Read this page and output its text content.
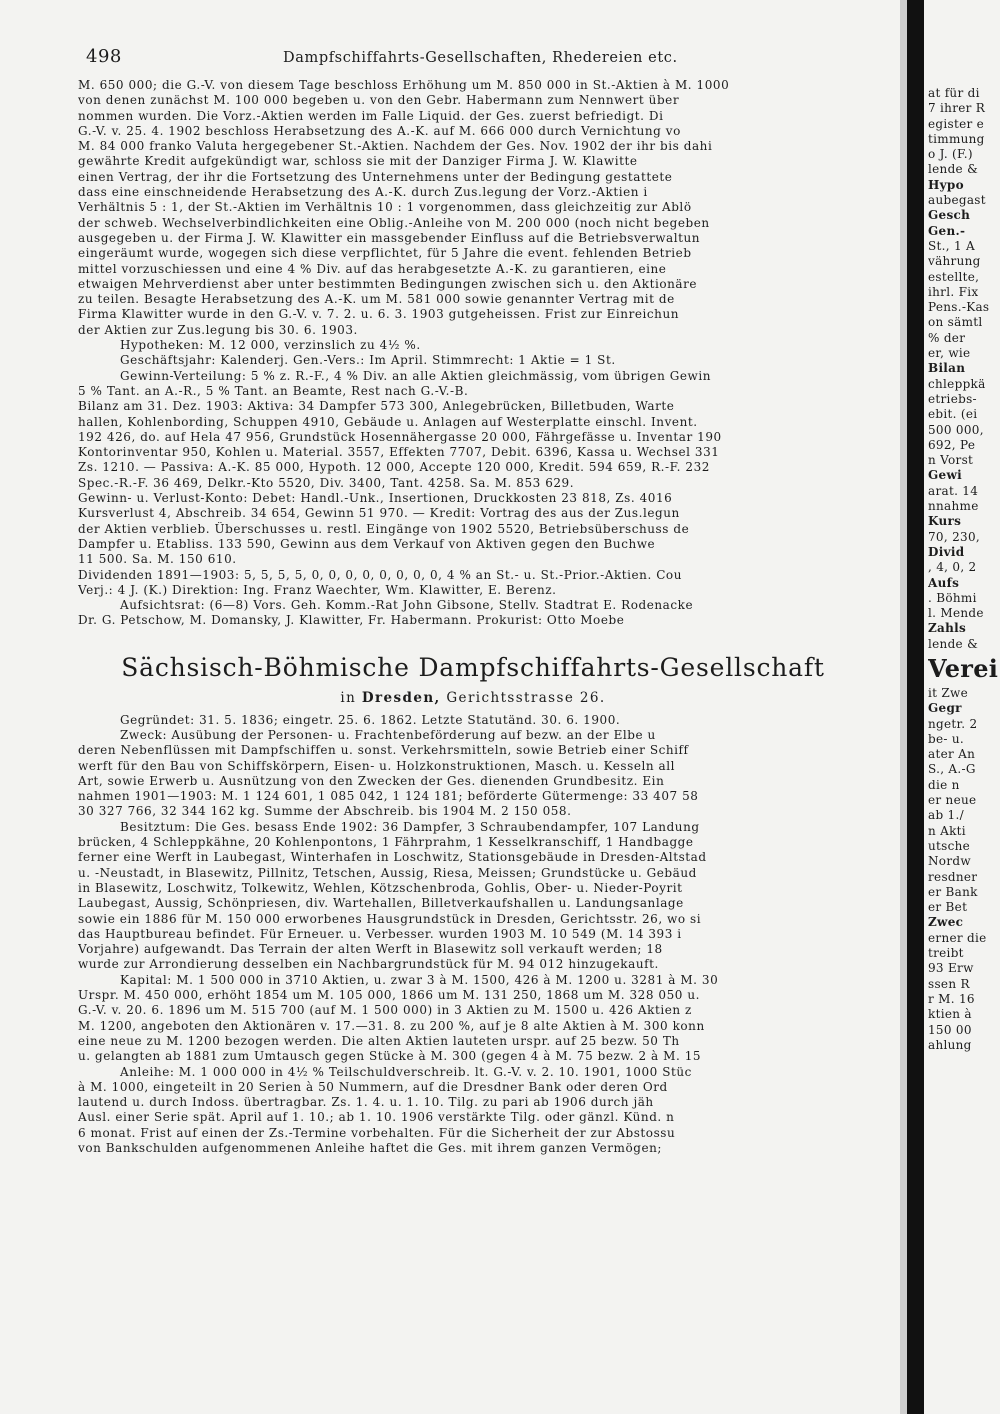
498	Dampfschiffahrts-Gesellschaften, Rhedereien etc.
M. 650 000; die G.-V. von diesem Tage beschloss Erhöhung um M. 850 000 in St.-Aktien à M. 1000
von denen zunächst M. 100 000 begeben u. von den Gebr. Habermann zum Nennwert über
nommen wurden. Die Vorz.-Aktien werden im Falle Liquid. der Ges. zuerst befriedigt. Di
G.-V. v. 25. 4. 1902 beschloss Herabsetzung des A.-K. auf M. 666 000 durch Vernichtung vo
M. 84 000 franko Valuta hergegebener St.-Aktien. Nachdem der Ges. Nov. 1902 der ihr bis dahi
gewährte Kredit aufgekündigt war, schloss sie mit der Danziger Firma J. W. Klawitte
einen Vertrag, der ihr die Fortsetzung des Unternehmens unter der Bedingung gestattete
dass eine einschneidende Herabsetzung des A.-K. durch Zus.legung der Vorz.-Aktien i
Verhältnis 5 : 1, der St.-Aktien im Verhältnis 10 : 1 vorgenommen, dass gleichzeitig zur Ablö
der schweb. Wechselverbindlichkeiten eine Oblig.-Anleihe von M. 200 000 (noch nicht begeben
ausgegeben u. der Firma J. W. Klawitter ein massgebender Einfluss auf die Betriebsverwaltun
eingeräumt wurde, wogegen sich diese verpflichtet, für 5 Jahre die event. fehlenden Betrieb
mittel vorzuschiessen und eine 4 % Div. auf das herabgesetzte A.-K. zu garantieren, eine
etwaigen Mehrverdienst aber unter bestimmten Bedingungen zwischen sich u. den Aktionäre
zu teilen. Besagte Herabsetzung des A.-K. um M. 581 000 sowie genannter Vertrag mit de
Firma Klawitter wurde in den G.-V. v. 7. 2. u. 6. 3. 1903 gutgeheissen. Frist zur Einreichun
der Aktien zur Zus.legung bis 30. 6. 1903.
Hypotheken: M. 12 000, verzinslich zu 4½ %.
Geschäftsjahr: Kalenderj. Gen.-Vers.: Im April. Stimmrecht: 1 Aktie = 1 St.
Gewinn-Verteilung: 5 % z. R.-F., 4 % Div. an alle Aktien gleichmässig, vom übrigen Gewin
5 % Tant. an A.-R., 5 % Tant. an Beamte, Rest nach G.-V.-B.
Bilanz am 31. Dez. 1903: Aktiva: 34 Dampfer 573 300, Anlegebrücken, Billetbuden, Warte
hallen, Kohlenbording, Schuppen 4910, Gebäude u. Anlagen auf Westerplatte einschl. Invent.
192 426, do. auf Hela 47 956, Grundstück Hosennähergasse 20 000, Fährgefässe u. Inventar 190
Kontorinventar 950, Kohlen u. Material. 3557, Effekten 7707, Debit. 6396, Kassa u. Wechsel 331
Zs. 1210. — Passiva: A.-K. 85 000, Hypoth. 12 000, Accepte 120 000, Kredit. 594 659, R.-F. 232
Spec.-R.-F. 36 469, Delkr.-Kto 5520, Div. 3400, Tant. 4258. Sa. M. 853 629.
Gewinn- u. Verlust-Konto: Debet: Handl.-Unk., Insertionen, Druckkosten 23 818, Zs. 4016
Kursverlust 4, Abschreib. 34 654, Gewinn 51 970. — Kredit: Vortrag des aus der Zus.legun
der Aktien verblieb. Überschusses u. restl. Eingänge von 1902 5520, Betriebsüberschuss de
Dampfer u. Etabliss. 133 590, Gewinn aus dem Verkauf von Aktiven gegen den Buchwe
11 500. Sa. M. 150 610.
Dividenden 1891—1903: 5, 5, 5, 5, 0, 0, 0, 0, 0, 0, 0, 0, 4 % an St.- u. St.-Prior.-Aktien. Cou
Verj.: 4 J. (K.) Direktion: Ing. Franz Waechter, Wm. Klawitter, E. Berenz.
Aufsichtsrat: (6—8) Vors. Geh. Komm.-Rat John Gibsone, Stellv. Stadtrat E. Rodenacke
Dr. G. Petschow, M. Domansky, J. Klawitter, Fr. Habermann. Prokurist: Otto Moebe
Sächsisch-Böhmische Dampfschiffahrts-Gesellschaft
in Dresden, Gerichtsstrasse 26.
Gegründet: 31. 5. 1836; eingetr. 25. 6. 1862. Letzte Statutänd. 30. 6. 1900.
Zweck: Ausübung der Personen- u. Frachtenbeförderung auf bezw. an der Elbe u
deren Nebenflüssen mit Dampfschiffen u. sonst. Verkehrsmitteln, sowie Betrieb einer Schiff
werft für den Bau von Schiffskörpern, Eisen- u. Holzkonstruktionen, Masch. u. Kesseln all
Art, sowie Erwerb u. Ausnützung von den Zwecken der Ges. dienenden Grundbesitz. Ein
nahmen 1901—1903: M. 1 124 601, 1 085 042, 1 124 181; beförderte Gütermenge: 33 407 58
30 327 766, 32 344 162 kg. Summe der Abschreib. bis 1904 M. 2 150 058.
Besitztum: Die Ges. besass Ende 1902: 36 Dampfer, 3 Schraubendampfer, 107 Landung
brücken, 4 Schleppkähne, 20 Kohlenpontons, 1 Fährprahm, 1 Kesselkranschiff, 1 Handbagge
ferner eine Werft in Laubegast, Winterhafen in Loschwitz, Stationsgebäude in Dresden-Altstad
u. -Neustadt, in Blasewitz, Pillnitz, Tetschen, Aussig, Riesa, Meissen; Grundstücke u. Gebäud
in Blasewitz, Loschwitz, Tolkewitz, Wehlen, Kötzschenbroda, Gohlis, Ober- u. Nieder-Poyrit
Laubegast, Aussig, Schönpriesen, div. Wartehallen, Billetverkaufshallen u. Landungsanlage
sowie ein 1886 für M. 150 000 erworbenes Hausgrundstück in Dresden, Gerichtsstr. 26, wo si
das Hauptbureau befindet. Für Erneuer. u. Verbesser. wurden 1903 M. 10 549 (M. 14 393 i
Vorjahre) aufgewandt. Das Terrain der alten Werft in Blasewitz soll verkauft werden; 18
wurde zur Arrondierung desselben ein Nachbargrundstück für M. 94 012 hinzugekauft.
Kapital: M. 1 500 000 in 3710 Aktien, u. zwar 3 à M. 1500, 426 à M. 1200 u. 3281 à M. 30
Urspr. M. 450 000, erhöht 1854 um M. 105 000, 1866 um M. 131 250, 1868 um M. 328 050 u.
G.-V. v. 20. 6. 1896 um M. 515 700 (auf M. 1 500 000) in 3 Aktien zu M. 1500 u. 426 Aktien z
M. 1200, angeboten den Aktionären v. 17.—31. 8. zu 200 %, auf je 8 alte Aktien à M. 300 konn
eine neue zu M. 1200 bezogen werden. Die alten Aktien lauteten urspr. auf 25 bezw. 50 Th
u. gelangten ab 1881 zum Umtausch gegen Stücke à M. 300 (gegen 4 à M. 75 bezw. 2 à M. 15
Anleihe: M. 1 000 000 in 4½ % Teilschuldverschreib. lt. G.-V. v. 2. 10. 1901, 1000 Stüc
à M. 1000, eingeteilt in 20 Serien à 50 Nummern, auf die Dresdner Bank oder deren Ord
lautend u. durch Indoss. übertragbar. Zs. 1. 4. u. 1. 10. Tilg. zu pari ab 1906 durch jäh
Ausl. einer Serie spät. April auf 1. 10.; ab 1. 10. 1906 verstärkte Tilg. oder gänzl. Künd. n
6 monat. Frist auf einen der Zs.-Termine vorbehalten. Für die Sicherheit der zur Abstossu
von Bankschulden aufgenommenen Anleihe haftet die Ges. mit ihrem ganzen Vermögen;
at für di
7 ihrer R
egister e
timmung
o J. (F.)
lende &
Hypo
aubegast
Gesch
Gen.-
St., 1 A
vährung
estellte,
ihrl. Fix
Pens.-Kas
on sämtl
% der
er, wie
Bilan
chleppkä
etriebs-
ebit. (ei
500 000,
692, Pe
n Vorst
Gewi
arat. 14
nnahme
Kurs
70, 230,
Divid
, 4, 0, 2
Aufs
. Böhmi
l. Mende
Zahls
lende &
Verei
it Zwe
Gegr
ngetr. 2
be- u.
ater An
S., A.-G
die n
er neue
ab 1./
n Akti
utsche
Nordw
resdner
er Bank
er Bet
Zwec
erner die
treibt
93 Erw
ssen R
r M. 16
ktien à
150 00
ahlung
